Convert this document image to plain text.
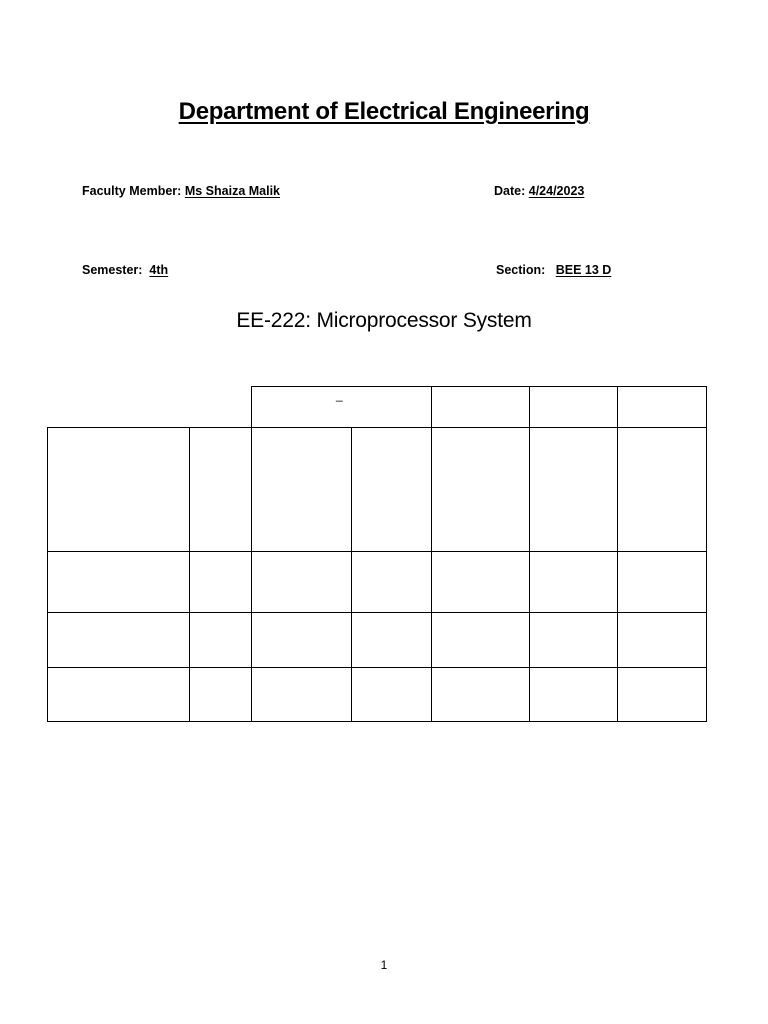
Department of Electrical Engineering
Faculty Member: Ms Shaiza Malik	Date: 4/24/2023
Semester: 4th	Section: BEE 13 D
EE-222: Microprocessor System
_
1
